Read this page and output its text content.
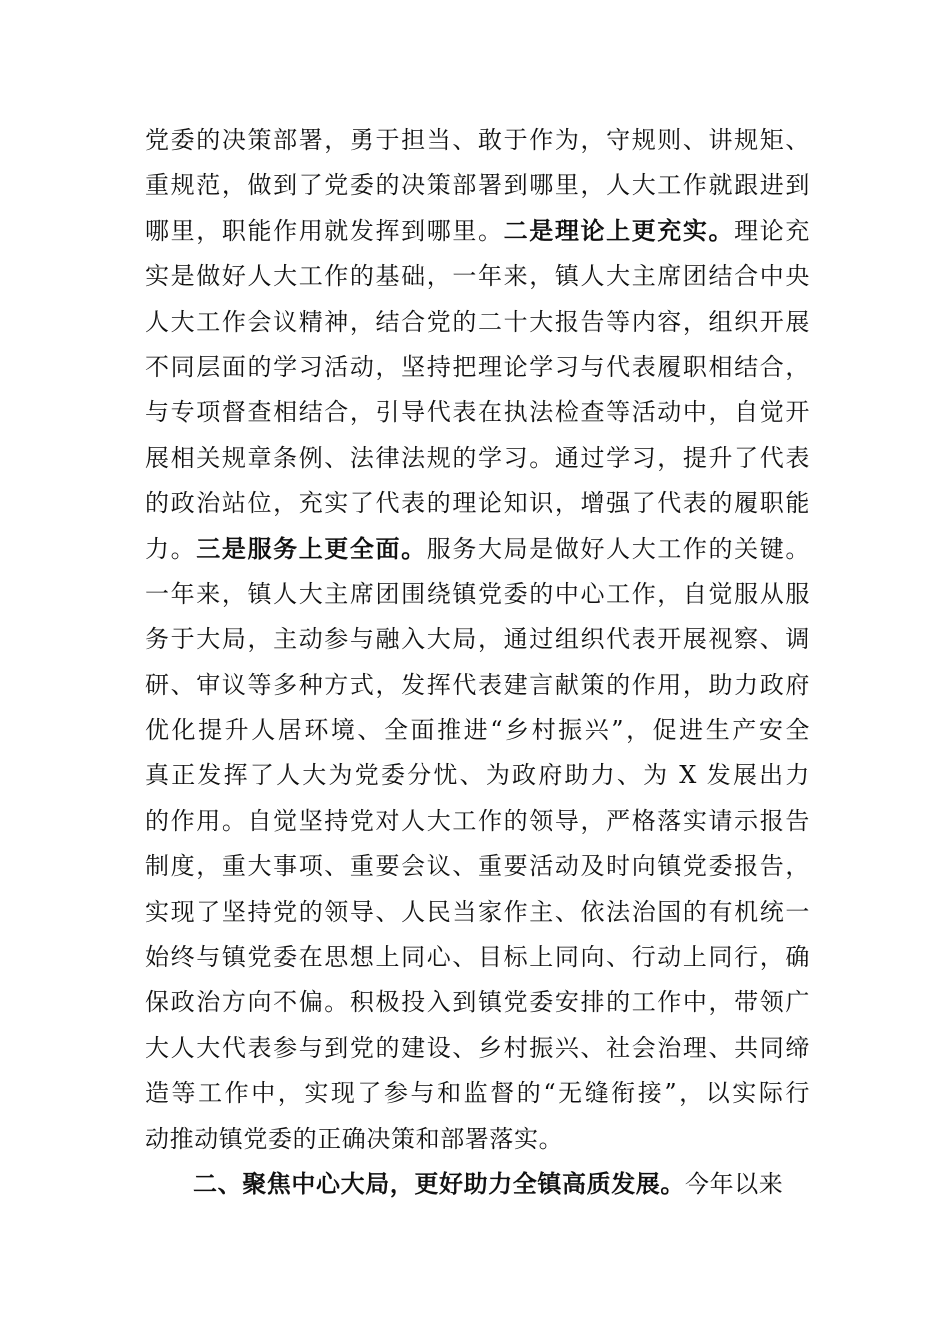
党委的决策部署，勇于担当、敢于作为，守规则、讲规矩、
重规范，做到了党委的决策部署到哪里，人大工作就跟进到
哪里，职能作用就发挥到哪里。二是理论上更充实。理论充
实是做好人大工作的基础，一年来，镇人大主席团结合中央
人大工作会议精神，结合党的二十大报告等内容，组织开展
不同层面的学习活动，坚持把理论学习与代表履职相结合，
与专项督查相结合，引导代表在执法检查等活动中，自觉开
展相关规章条例、法律法规的学习。通过学习，提升了代表
的政治站位，充实了代表的理论知识，增强了代表的履职能
力。三是服务上更全面。服务大局是做好人大工作的关键。
一年来，镇人大主席团围绕镇党委的中心工作，自觉服从服
务于大局，主动参与融入大局，通过组织代表开展视察、调
研、审议等多种方式，发挥代表建言献策的作用，助力政府
优化提升人居环境、全面推进“乡村振兴”，促进生产安全
真正发挥了人大为党委分忧、为政府助力、为 X 发展出力
的作用。自觉坚持党对人大工作的领导，严格落实请示报告
制度，重大事项、重要会议、重要活动及时向镇党委报告，
实现了坚持党的领导、人民当家作主、依法治国的有机统一
始终与镇党委在思想上同心、目标上同向、行动上同行，确
保政治方向不偏。积极投入到镇党委安排的工作中，带领广
大人大代表参与到党的建设、乡村振兴、社会治理、共同缔
造等工作中，实现了参与和监督的“无缝衔接”，以实际行
动推动镇党委的正确决策和部署落实。
二、聚焦中心大局，更好助力全镇高质发展。今年以来
